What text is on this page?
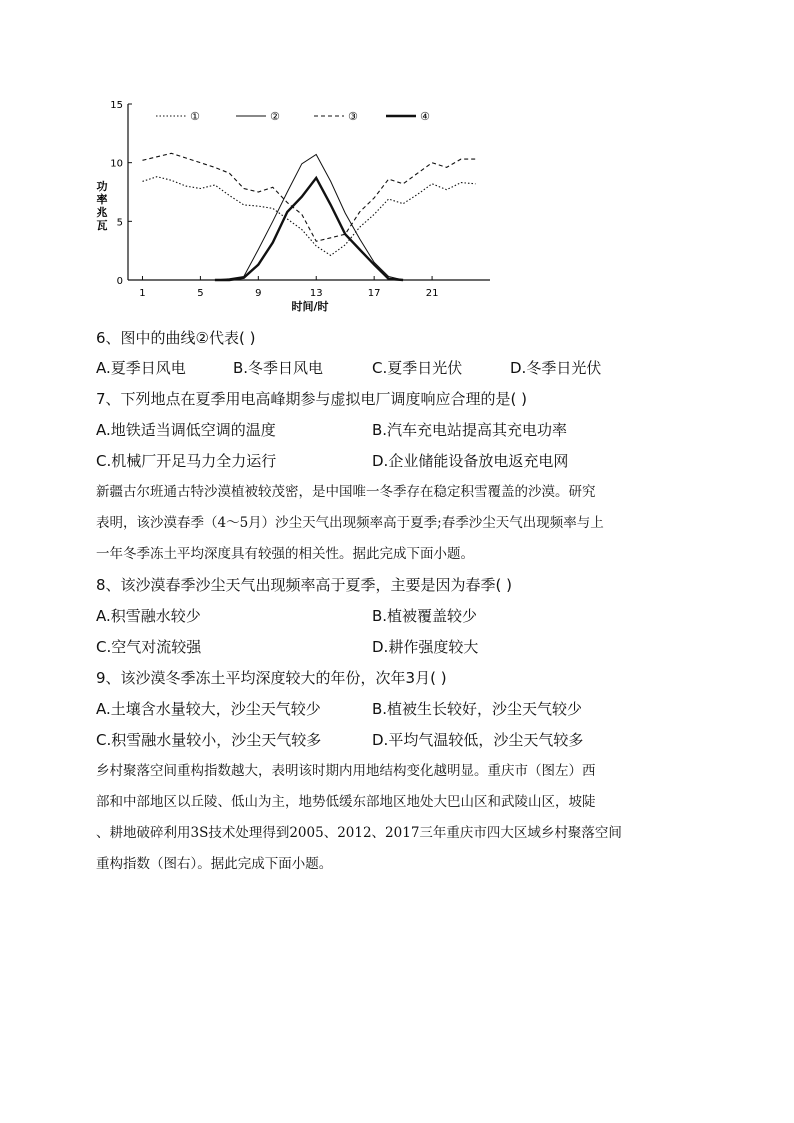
功
率
兆
瓦
0
5
10
15
1	5	9	13	17	21
①	②	③	④
时间/时
6、图中的曲线②代表( )
A.夏季日风电	B.冬季日风电	C.夏季日光伏	D.冬季日光伏
7、下列地点在夏季用电高峰期参与虚拟电厂调度响应合理的是( )
A.地铁适当调低空调的温度	B.汽车充电站提高其充电功率
C.机械厂开足马力全力运行	D.企业储能设备放电返充电网
新疆古尔班通古特沙漠植被较茂密，是中国唯一冬季存在稳定积雪覆盖的沙漠。研究
表明，该沙漠春季（4～5月）沙尘天气出现频率高于夏季;春季沙尘天气出现频率与上
一年冬季冻土平均深度具有较强的相关性。据此完成下面小题。
8、该沙漠春季沙尘天气出现频率高于夏季，主要是因为春季( )
A.积雪融水较少	B.植被覆盖较少
C.空气对流较强	D.耕作强度较大
9、该沙漠冬季冻土平均深度较大的年份，次年3月( )
A.土壤含水量较大，沙尘天气较少	B.植被生长较好，沙尘天气较少
C.积雪融水量较小，沙尘天气较多	D.平均气温较低，沙尘天气较多
乡村聚落空间重构指数越大，表明该时期内用地结构变化越明显。重庆市（图左）西
部和中部地区以丘陵、低山为主，地势低缓东部地区地处大巴山区和武陵山区，坡陡
、耕地破碎利用3S技术处理得到2005、2012、2017三年重庆市四大区域乡村聚落空间
重构指数（图右）。据此完成下面小题。
